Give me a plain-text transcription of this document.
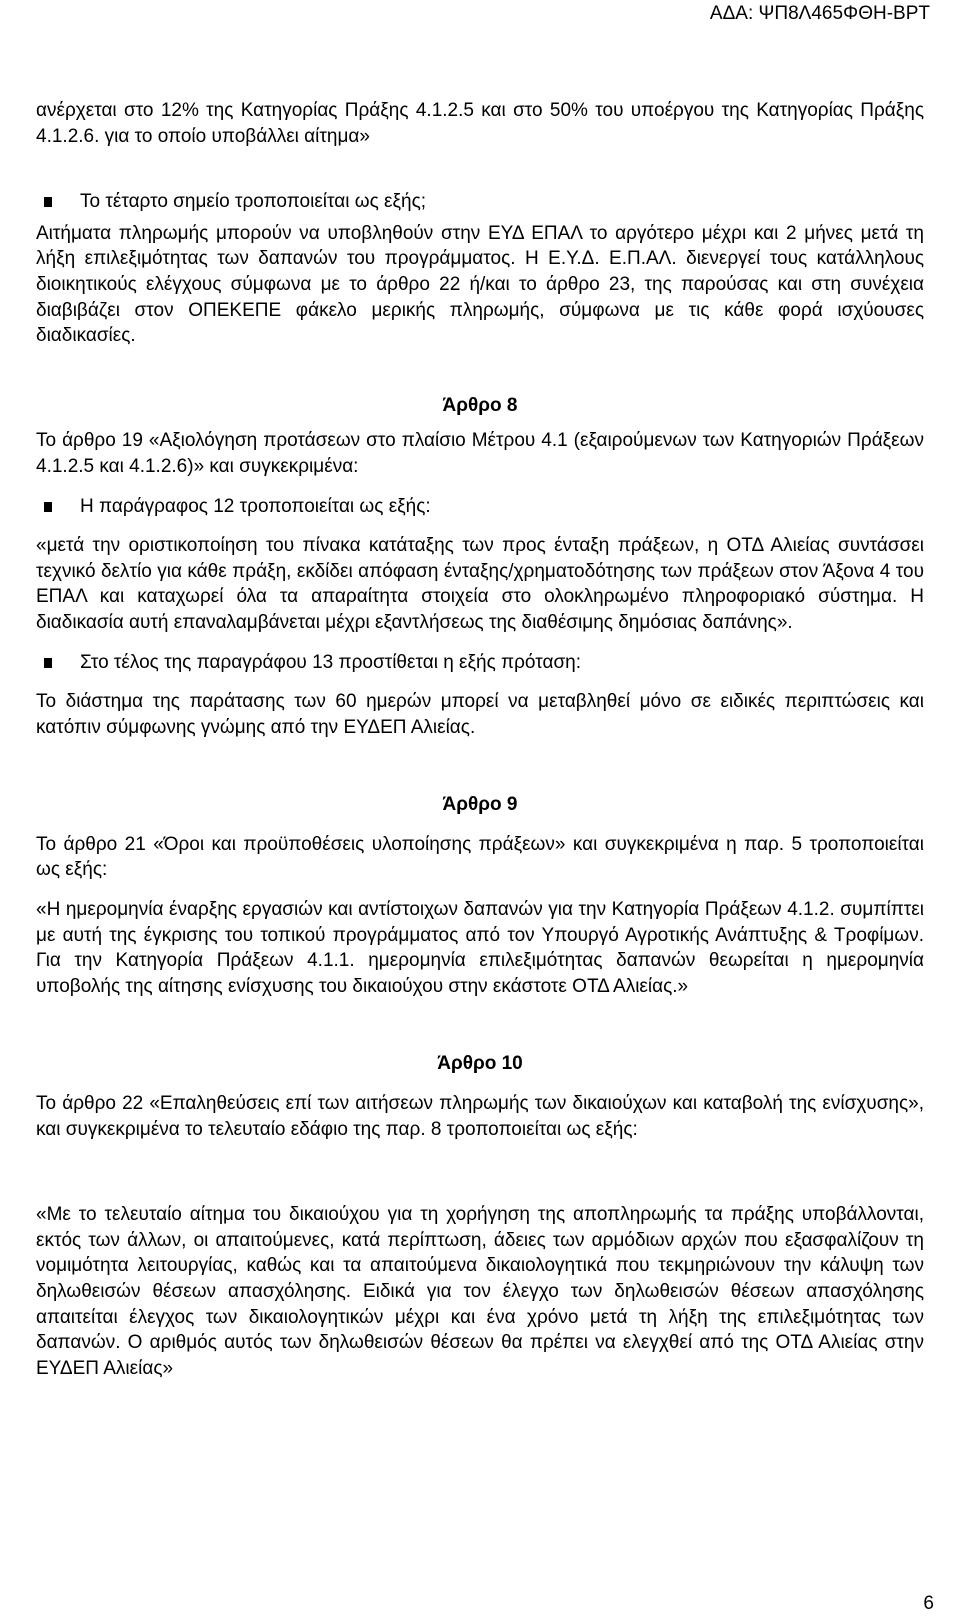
ΑΔΑ: ΨΠ8Λ465ΦΘΗ-ΒΡΤ

ανέρχεται στο 12% της Κατηγορίας Πράξης 4.1.2.5 και στο 50% του υποέργου της Κατηγορίας Πράξης 4.1.2.6. για το οποίο υποβάλλει αίτημα»

Το τέταρτο σημείο τροποποιείται ως εξής;

Αιτήματα πληρωμής μπορούν να υποβληθούν στην ΕΥΔ ΕΠΑΛ το αργότερο μέχρι και 2 μήνες μετά τη λήξη επιλεξιμότητας των δαπανών του προγράμματος. Η Ε.Υ.Δ. Ε.Π.ΑΛ. διενεργεί τους κατάλληλους διοικητικούς ελέγχους σύμφωνα με το άρθρο 22 ή/και το άρθρο 23, της παρούσας και στη συνέχεια διαβιβάζει στον ΟΠΕΚΕΠΕ φάκελο μερικής πληρωμής, σύμφωνα με τις κάθε φορά ισχύουσες διαδικασίες.

Άρθρο 8

Το άρθρο 19 «Αξιολόγηση προτάσεων στο πλαίσιο Μέτρου 4.1 (εξαιρούμενων των Κατηγοριών Πράξεων 4.1.2.5 και 4.1.2.6)» και συγκεκριμένα:

Η παράγραφος 12 τροποποιείται ως εξής:

«μετά την οριστικοποίηση του πίνακα κατάταξης των προς ένταξη πράξεων, η ΟΤΔ Αλιείας συντάσσει τεχνικό δελτίο για κάθε πράξη, εκδίδει απόφαση ένταξης/χρηματοδότησης των πράξεων στον Άξονα 4 του ΕΠΑΛ και καταχωρεί όλα τα απαραίτητα στοιχεία στο ολοκληρωμένο πληροφοριακό σύστημα. Η διαδικασία αυτή επαναλαμβάνεται μέχρι εξαντλήσεως της διαθέσιμης δημόσιας δαπάνης».

Στο τέλος της παραγράφου 13 προστίθεται η εξής πρόταση:

Το διάστημα της παράτασης των 60 ημερών μπορεί να μεταβληθεί μόνο σε ειδικές περιπτώσεις και κατόπιν σύμφωνης γνώμης από την ΕΥΔΕΠ Αλιείας.

Άρθρο 9

Το άρθρο 21 «Όροι και προϋποθέσεις υλοποίησης πράξεων» και συγκεκριμένα η παρ. 5 τροποποιείται ως εξής:

«Η ημερομηνία έναρξης εργασιών και αντίστοιχων δαπανών για την Κατηγορία Πράξεων 4.1.2. συμπίπτει με αυτή της έγκρισης του τοπικού προγράμματος από τον Υπουργό Αγροτικής Ανάπτυξης & Τροφίμων. Για την Κατηγορία Πράξεων 4.1.1. ημερομηνία επιλεξιμότητας δαπανών θεωρείται η ημερομηνία υποβολής της αίτησης ενίσχυσης του δικαιούχου στην εκάστοτε ΟΤΔ Αλιείας.»

Άρθρο 10

Το άρθρο 22 «Επαληθεύσεις επί των αιτήσεων πληρωμής των δικαιούχων και καταβολή της ενίσχυσης», και συγκεκριμένα το τελευταίο εδάφιο της παρ. 8 τροποποιείται ως εξής:

«Με το τελευταίο αίτημα του δικαιούχου για τη χορήγηση της αποπληρωμής τα πράξης υποβάλλονται, εκτός των άλλων, οι απαιτούμενες, κατά περίπτωση, άδειες των αρμόδιων αρχών που εξασφαλίζουν τη νομιμότητα λειτουργίας, καθώς και τα απαιτούμενα δικαιολογητικά που τεκμηριώνουν την κάλυψη των δηλωθεισών θέσεων απασχόλησης. Ειδικά για τον έλεγχο των δηλωθεισών θέσεων απασχόλησης απαιτείται έλεγχος των δικαιολογητικών μέχρι και ένα χρόνο μετά τη λήξη της επιλεξιμότητας των δαπανών. Ο αριθμός αυτός των δηλωθεισών θέσεων θα πρέπει να ελεγχθεί από της ΟΤΔ Αλιείας στην ΕΥΔΕΠ Αλιείας»

6
